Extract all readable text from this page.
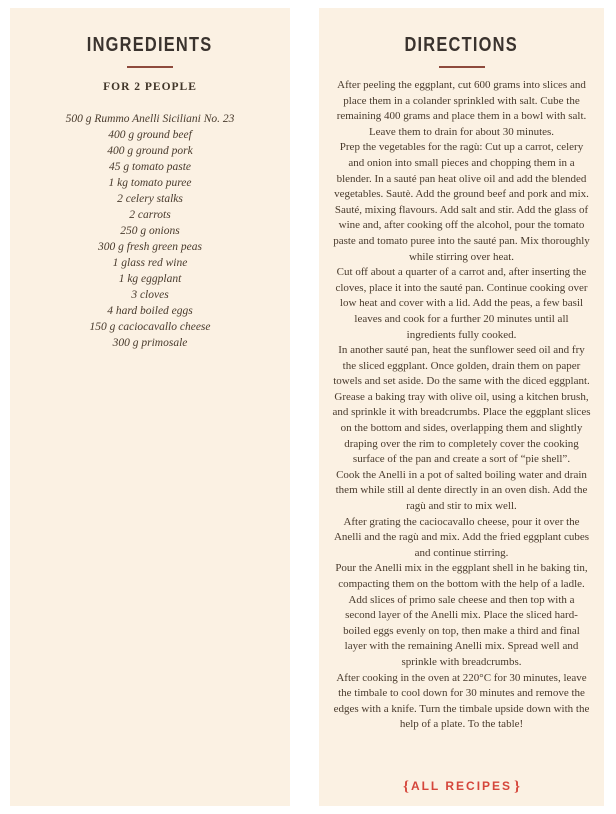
INGREDIENTS
FOR 2 PEOPLE
500 g Rummo Anelli Siciliani No. 23
400 g ground beef
400 g ground pork
45 g tomato paste
1 kg tomato puree
2 celery stalks
2 carrots
250 g onions
300 g fresh green peas
1 glass red wine
1 kg eggplant
3 cloves
4 hard boiled eggs
150 g caciocavallo cheese
300 g primosale
DIRECTIONS

After peeling the eggplant, cut 600 grams into slices and place them in a colander sprinkled with salt. Cube the remaining 400 grams and place them in a bowl with salt. Leave them to drain for about 30 minutes.

Prep the vegetables for the ragù: Cut up a carrot, celery and onion into small pieces and chopping them in a blender. In a sauté pan heat olive oil and add the blended vegetables. Sautè. Add the ground beef and pork and mix. Sauté, mixing flavours. Add salt and stir. Add the glass of wine and, after cooking off the alcohol, pour the tomato paste and tomato puree into the sauté pan. Mix thoroughly while stirring over heat.

Cut off about a quarter of a carrot and, after inserting the cloves, place it into the sauté pan. Continue cooking over low heat and cover with a lid. Add the peas, a few basil leaves and cook for a further 20 minutes until all ingredients fully cooked.

In another sauté pan, heat the sunflower seed oil and fry the sliced eggplant. Once golden, drain them on paper towels and set aside. Do the same with the diced eggplant.

Grease a baking tray with olive oil, using a kitchen brush, and sprinkle it with breadcrumbs. Place the eggplant slices on the bottom and sides, overlapping them and slightly draping over the rim to completely cover the cooking surface of the pan and create a sort of “pie shell”.

Cook the Anelli in a pot of salted boiling water and drain them while still al dente directly in an oven dish. Add the ragù and stir to mix well.

After grating the caciocavallo cheese, pour it over the Anelli and the ragù and mix. Add the fried eggplant cubes and continue stirring.

Pour the Anelli mix in the eggplant shell in he baking tin, compacting them on the bottom with the help of a ladle. Add slices of primo sale cheese and then top with a second layer of the Anelli mix. Place the sliced hard-boiled eggs evenly on top, then make a third and final layer with the remaining Anelli mix. Spread well and sprinkle with breadcrumbs.

After cooking in the oven at 220°C for 30 minutes, leave the timbale to cool down for 30 minutes and remove the edges with a knife. Turn the timbale upside down with the help of a plate. To the table!

{ ALL RECIPES }
